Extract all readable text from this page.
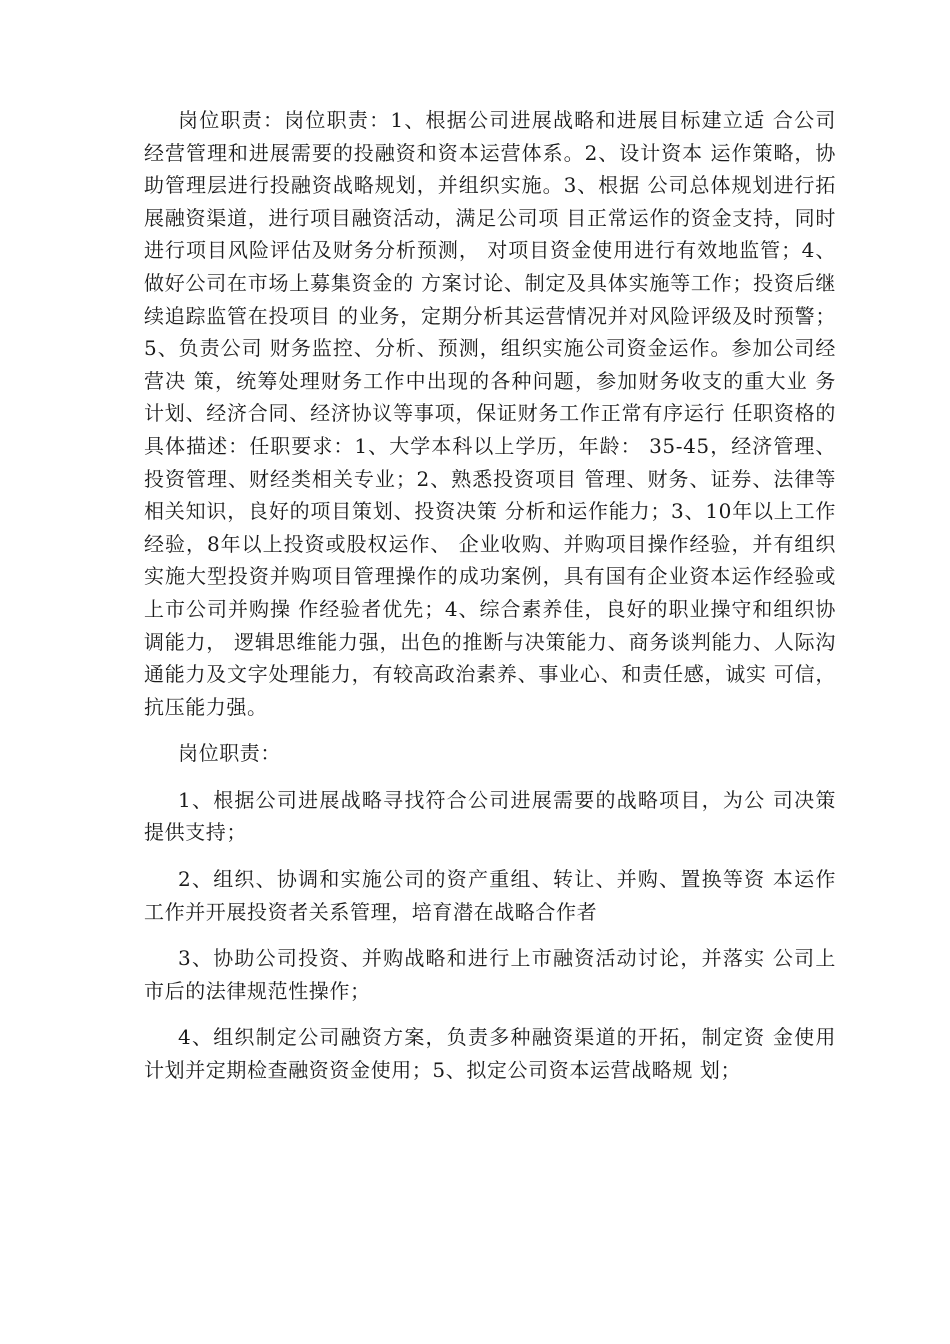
岗位职责：岗位职责：1、根据公司进展战略和进展目标建立适 合公司经营管理和进展需要的投融资和资本运营体系。2、设计资本 运作策略，协助管理层进行投融资战略规划，并组织实施。3、根据 公司总体规划进行拓展融资渠道，进行项目融资活动，满足公司项 目正常运作的资金支持，同时进行项目风险评估及财务分析预测， 对项目资金使用进行有效地监管；4、做好公司在市场上募集资金的 方案讨论、制定及具体实施等工作；投资后继续追踪监管在投项目 的业务，定期分析其运营情况并对风险评级及时预警；5、负责公司 财务监控、分析、预测，组织实施公司资金运作。参加公司经营决 策，统筹处理财务工作中出现的各种问题，参加财务收支的重大业 务计划、经济合同、经济协议等事项，保证财务工作正常有序运行 任职资格的具体描述：任职要求：1、大学本科以上学历，年龄： 35-45，经济管理、投资管理、财经类相关专业；2、熟悉投资项目 管理、财务、证券、法律等相关知识，良好的项目策划、投资决策 分析和运作能力；3、10年以上工作经验，8年以上投资或股权运作、 企业收购、并购项目操作经验，并有组织实施大型投资并购项目管理操作的成功案例，具有国有企业资本运作经验或上市公司并购操 作经验者优先；4、综合素养佳，良好的职业操守和组织协调能力， 逻辑思维能力强，出色的推断与决策能力、商务谈判能力、人际沟 通能力及文字处理能力，有较高政治素养、事业心、和责任感，诚实 可信，抗压能力强。

岗位职责：

1、根据公司进展战略寻找符合公司进展需要的战略项目，为公 司决策提供支持；

2、组织、协调和实施公司的资产重组、转让、并购、置换等资 本运作工作并开展投资者关系管理，培育潜在战略合作者

3、协助公司投资、并购战略和进行上市融资活动讨论，并落实 公司上市后的法律规范性操作；

4、组织制定公司融资方案，负责多种融资渠道的开拓，制定资 金使用计划并定期检查融资资金使用；5、拟定公司资本运营战略规 划；
